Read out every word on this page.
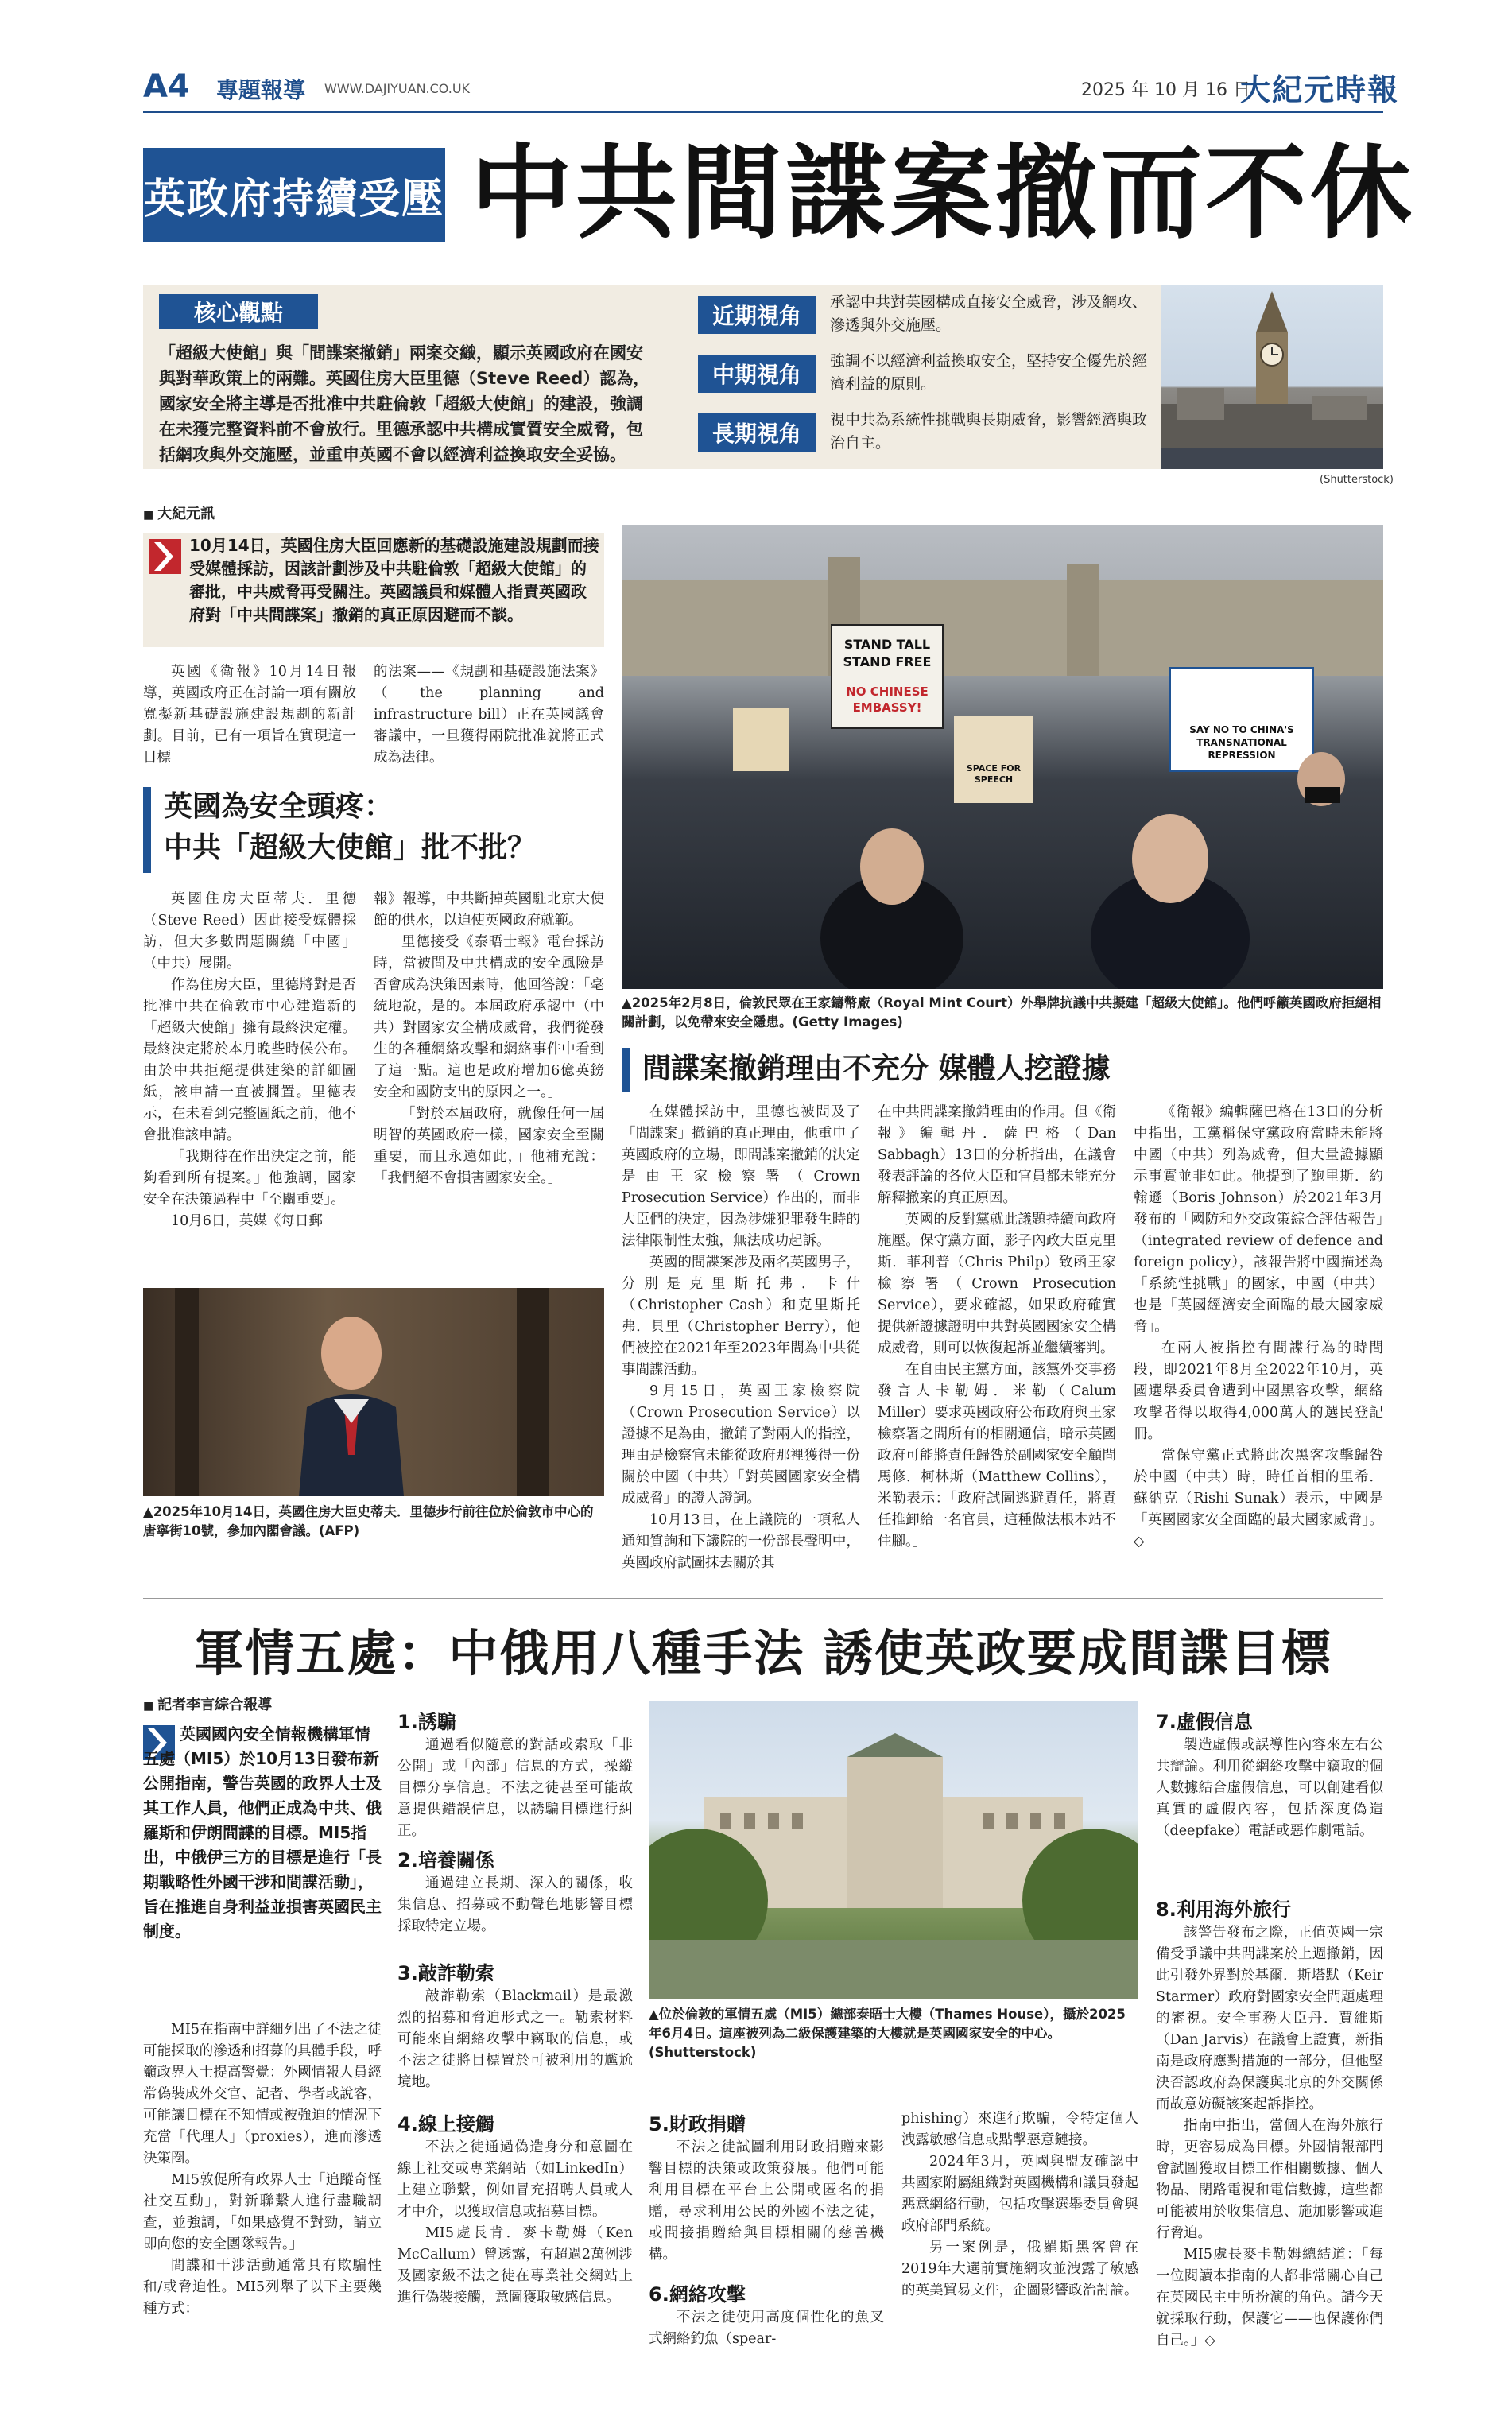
A4 專題報導 WWW.DAJIYUAN.CO.UK	2025 年 10 月 16 日
大紀元時報
英政府持續受壓 中共間諜案撤而不休
核心觀點
「超級大使館」與「間諜案撤銷」兩案交織，顯示英國政府在國安與對華政策上的兩難。英國住房大臣里德（Steve Reed）認為，國家安全將主導是否批准中共駐倫敦「超級大使館」的建設，強調在未獲完整資料前不會放行。里德承認中共構成實質安全威脅，包括網攻與外交施壓，並重申英國不會以經濟利益換取安全妥協。
近期視角
承認中共對英國構成直接安全威脅，涉及網攻、滲透與外交施壓。
中期視角
強調不以經濟利益換取安全，堅持安全優先於經濟利益的原則。
長期視角
視中共為系統性挑戰與長期威脅，影響經濟與政治自主。
(Shutterstock)
■ 大紀元訊
10月14日，英國住房大臣回應新的基礎設施建設規劃而接受媒體採訪，因該計劃涉及中共駐倫敦「超級大使館」的審批，中共威脅再受關注。英國議員和媒體人指責英國政府對「中共間諜案」撤銷的真正原因避而不談。

英國《衛報》10月14日報導，英國政府正在討論一項有關放寬擬新基礎設施建設規劃的新計劃。目前，已有一項旨在實現這一目標

的法案——《規劃和基礎設施法案》（the planning and infrastructure bill）正在英國議會審議中，一旦獲得兩院批准就將正式成為法律。

英國為安全頭疼：
中共「超級大使館」批不批？

英國住房大臣蒂夫．里德（Steve Reed）因此接受媒體採訪，但大多數問題關繞「中國」（中共）展開。

作為住房大臣，里德將對是否批准中共在倫敦市中心建造新的「超級大使館」擁有最終決定權。最終決定將於本月晚些時候公布。由於中共拒絕提供建築的詳細圖紙，該申請一直被擱置。里德表示，在未看到完整圖紙之前，他不會批准該申請。

「我期待在作出決定之前，能夠看到所有提案。」他強調，國家安全在決策過程中「至關重要」。

10月6日，英媒《每日郵

報》報導，中共斷掉英國駐北京大使館的供水，以迫使英國政府就範。

里德接受《泰晤士報》電台採訪時，當被問及中共構成的安全風險是否會成為決策因素時，他回答說：「毫統地說，是的。本屆政府承認中（中共）對國家安全構成威脅，我們從發生的各種網絡攻擊和網絡事件中看到了這一點。這也是政府增加6億英鎊安全和國防支出的原因之一。」

「對於本屆政府，就像任何一屆明智的英國政府一樣，國家安全至關重要，而且永遠如此，」他補充說：「我們絕不會損害國家安全。」

▲2025年10月14日，英國住房大臣史蒂夫．里德步行前往位於倫敦市中心的唐寧街10號，參加內閣會議。(AFP)
STAND TALL STAND FREE
NO CHINESE EMBASSY!
SAY NO TO CHINA'S TRANSNATIONAL REPRESSION
SPACE FOR SPEECH
▲2025年2月8日，倫敦民眾在王家鑄幣廠（Royal Mint Court）外舉牌抗議中共擬建「超級大使館」。他們呼籲英國政府拒絕相關計劃，以免帶來安全隱患。(Getty Images)
間諜案撤銷理由不充分 媒體人挖證據

在媒體採訪中，里德也被問及了「間諜案」撤銷的真正理由，他重申了英國政府的立場，即間諜案撤銷的決定是由王家檢察署（Crown Prosecution Service）作出的，而非大臣們的決定，因為涉嫌犯罪發生時的法律限制性太強，無法成功起訴。

英國的間諜案涉及兩名英國男子，分別是克里斯托弗．卡什（Christopher Cash）和克里斯托弗．貝里（Christopher Berry），他們被控在2021年至2023年間為中共從事間諜活動。

9月15日，英國王家檢察院（Crown Prosecution Service）以證據不足為由，撤銷了對兩人的指控，理由是檢察官未能從政府那裡獲得一份關於中國（中共）「對英國國家安全構成威脅」的證人證詞。

10月13日，在上議院的一項私人通知質詢和下議院的一份部長聲明中，英國政府試圖抹去關於其

在中共間諜案撤銷理由的作用。但《衛報》編輯丹．薩巴格（Dan Sabbagh）13日的分析指出，在議會發表評論的各位大臣和官員都未能充分解釋撤案的真正原因。

英國的反對黨就此議題持續向政府施壓。保守黨方面，影子內政大臣克里斯．菲利普（Chris Philp）致函王家檢察署（Crown Prosecution Service），要求確認，如果政府確實提供新證據證明中共對英國國家安全構成威脅，則可以恢復起訴並繼續審判。

在自由民主黨方面，該黨外交事務發言人卡勒姆．米勒（Calum Miller）要求英國政府公布政府與王家檢察署之間所有的相關通信，暗示英國政府可能將責任歸咎於副國家安全顧問馬修．柯林斯（Matthew Collins），米勒表示：「政府試圖逃避責任，將責任推卸給一名官員，這種做法根本站不住腳。」

《衛報》編輯薩巴格在13日的分析中指出，工黨稱保守黨政府當時未能將中國（中共）列為威脅，但大量證據顯示事實並非如此。他提到了鮑里斯．約翰遜（Boris Johnson）於2021年3月發布的「國防和外交政策綜合評估報告」（integrated review of defence and foreign policy），該報告將中國描述為「系統性挑戰」的國家，中國（中共）也是「英國經濟安全面臨的最大國家威脅」。

在兩人被指控有間諜行為的時間段，即2021年8月至2022年10月，英國選舉委員會遭到中國黑客攻擊，網絡攻擊者得以取得4,000萬人的選民登記冊。

當保守黨正式將此次黑客攻擊歸咎於中國（中共）時，時任首相的里希．蘇納克（Rishi Sunak）表示，中國是「英國國家安全面臨的最大國家威脅」。◇

軍情五處：中俄用八種手法 誘使英政要成間諜目標
■ 記者李言綜合報導
英國國內安全情報機構軍情五處（MI5）於10月13日發布新公開指南，警告英國的政界人士及其工作人員，他們正成為中共、俄羅斯和伊朗間諜的目標。MI5指出，中俄伊三方的目標是進行「長期戰略性外國干涉和間諜活動」，旨在推進自身利益並損害英國民主制度。

MI5在指南中詳細列出了不法之徒可能採取的滲透和招募的具體手段，呼籲政界人士提高警覺：外國情報人員經常偽裝成外交官、記者、學者或說客，可能讓目標在不知情或被強迫的情況下充當「代理人」（proxies），進而滲透決策圈。

MI5敦促所有政界人士「追蹤奇怪社交互動」，對新聯繫人進行盡職調查，並強調，「如果感覺不對勁，請立即向您的安全團隊報告。」

間諜和干涉活動通常具有欺騙性和/或脅迫性。MI5列舉了以下主要幾種方式：

1.誘騙

通過看似隨意的對話或索取「非公開」或「內部」信息的方式，操縱目標分享信息。不法之徒甚至可能故意提供錯誤信息，以誘騙目標進行糾正。

2.培養關係

通過建立長期、深入的關係，收集信息、招募或不動聲色地影響目標採取特定立場。

3.敲詐勒索

敲詐勒索（Blackmail）是最激烈的招募和脅迫形式之一。勒索材料可能來自網絡攻擊中竊取的信息，或不法之徒將目標置於可被利用的尷尬境地。

4.線上接觸

不法之徒通過偽造身分和意圖在線上社交或專業網站（如LinkedIn）上建立聯繫，例如冒充招聘人員或人才中介，以獲取信息或招募目標。

MI5處長肯．麥卡勒姆（Ken McCallum）曾透露，有超過2萬例涉及國家級不法之徒在專業社交網站上進行偽裝接觸，意圖獲取敏感信息。

▲位於倫敦的軍情五處（MI5）總部泰晤士大樓（Thames House），攝於2025年6月4日。這座被列為二級保護建築的大樓就是英國國家安全的中心。(Shutterstock)
5.財政捐贈

不法之徒試圖利用財政捐贈來影響目標的決策或政策發展。他們可能利用目標在平台上公開或匿名的捐贈，尋求利用公民的外國不法之徒，或間接捐贈給與目標相關的慈善機構。

6.網絡攻擊

不法之徒使用高度個性化的魚叉式網絡釣魚（spear-

phishing）來進行欺騙，令特定個人洩露敏感信息或點擊惡意鏈接。

2024年3月，英國與盟友確認中共國家附屬組織對英國機構和議員發起惡意網絡行動，包括攻擊選舉委員會與政府部門系統。

另一案例是，俄羅斯黑客曾在2019年大選前實施網攻並洩露了敏感的英美貿易文件，企圖影響政治討論。

7.虛假信息

製造虛假或誤導性內容來左右公共辯論。利用從網絡攻擊中竊取的個人數據結合虛假信息，可以創建看似真實的虛假內容，包括深度偽造（deepfake）電話或惡作劇電話。

8.利用海外旅行

該警告發布之際，正值英國一宗備受爭議中共間諜案於上週撤銷，因此引發外界對於基爾．斯塔默（Keir Starmer）政府對國家安全問題處理的審視。安全事務大臣丹．賈維斯（Dan Jarvis）在議會上證實，新指南是政府應對措施的一部分，但他堅決否認政府為保護與北京的外交關係而故意妨礙該案起訴指控。

指南中指出，當個人在海外旅行時，更容易成為目標。外國情報部門會試圖獲取目標工作相關數據、個人物品、閉路電視和電信數據，這些都可能被用於收集信息、施加影響或進行脅迫。

MI5處長麥卡勒姆總結道：「每一位閱讀本指南的人都非常關心自己在英國民主中所扮演的角色。請今天就採取行動，保護它——也保護你們自己。」◇
